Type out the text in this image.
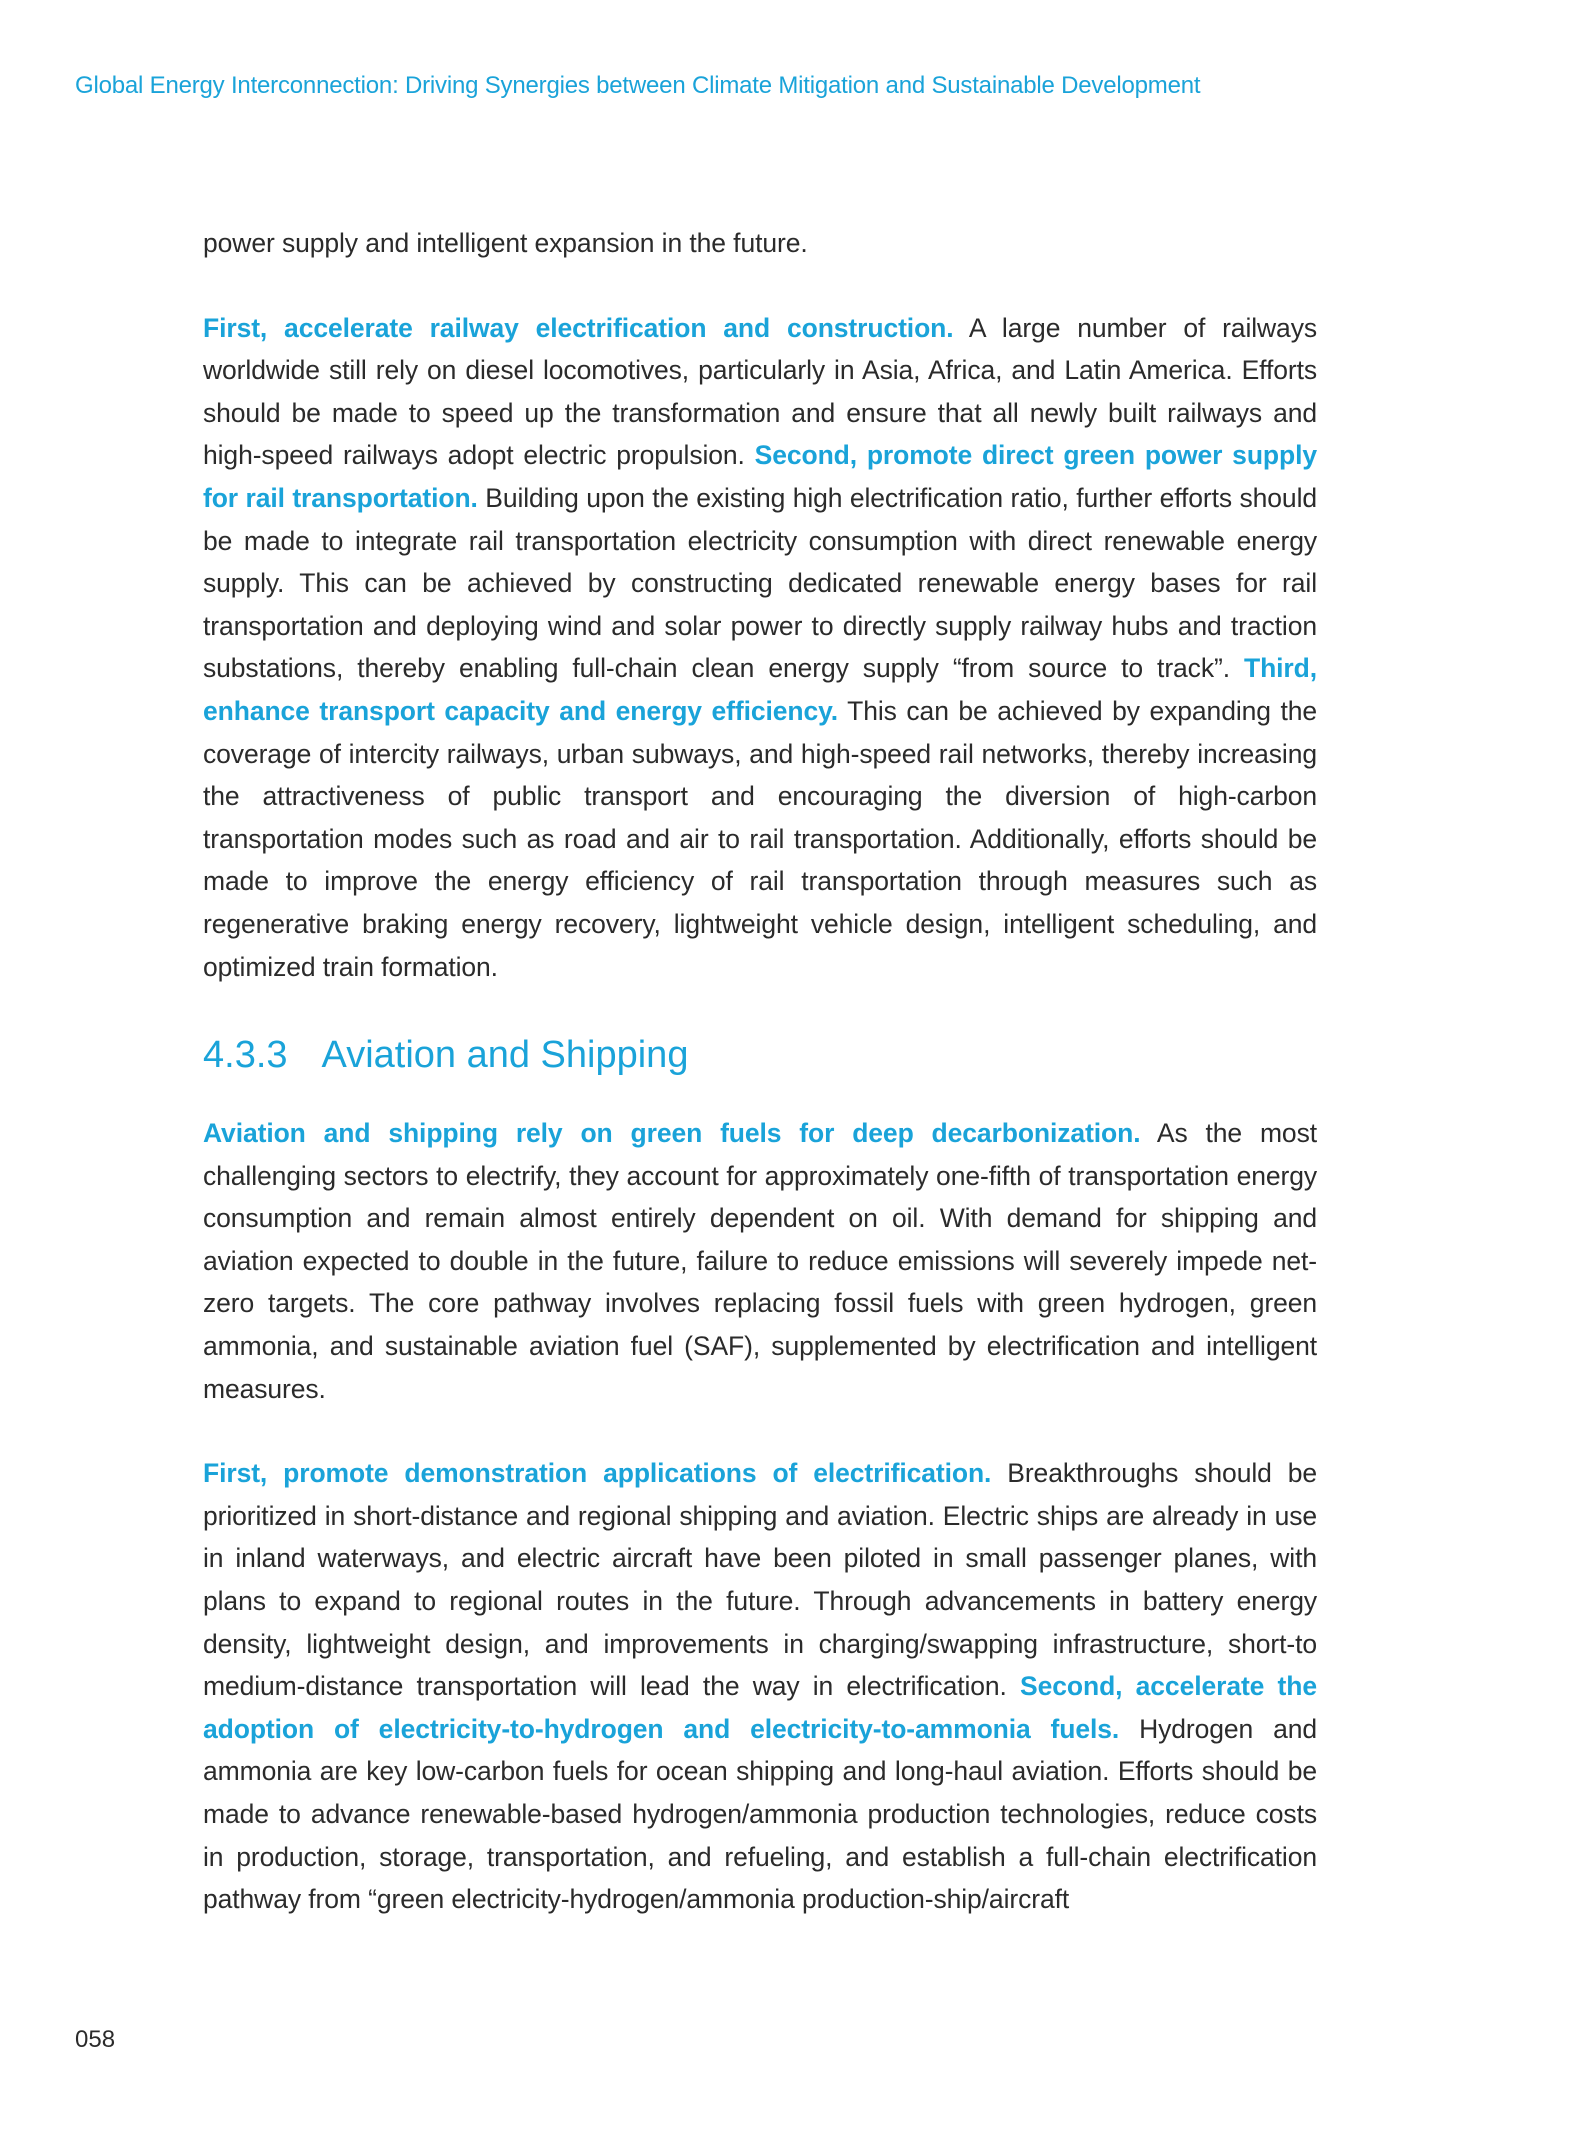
Global Energy Interconnection: Driving Synergies between Climate Mitigation and Sustainable Development

power supply and intelligent expansion in the future.

First, accelerate railway electrification and construction. A large number of railways worldwide still rely on diesel locomotives, particularly in Asia, Africa, and Latin America. Efforts should be made to speed up the transformation and ensure that all newly built railways and high-speed railways adopt electric propulsion. Second, promote direct green power supply for rail transportation. Building upon the existing high electrification ratio, further efforts should be made to integrate rail transportation electricity consumption with direct renewable energy supply. This can be achieved by constructing dedicated renewable energy bases for rail transportation and deploying wind and solar power to directly supply railway hubs and traction substations, thereby enabling full-chain clean energy supply “from source to track”. Third, enhance transport capacity and energy efficiency. This can be achieved by expanding the coverage of intercity railways, urban subways, and high-speed rail networks, thereby increasing the attractiveness of public transport and encouraging the diversion of high-carbon transportation modes such as road and air to rail transportation. Additionally, efforts should be made to improve the energy efficiency of rail transportation through measures such as regenerative braking energy recovery, lightweight vehicle design, intelligent scheduling, and optimized train formation.

4.3.3 Aviation and Shipping

Aviation and shipping rely on green fuels for deep decarbonization. As the most challenging sectors to electrify, they account for approximately one-fifth of transportation energy consumption and remain almost entirely dependent on oil. With demand for shipping and aviation expected to double in the future, failure to reduce emissions will severely impede net-zero targets. The core pathway involves replacing fossil fuels with green hydrogen, green ammonia, and sustainable aviation fuel (SAF), supplemented by electrification and intelligent measures.

First, promote demonstration applications of electrification. Breakthroughs should be prioritized in short-distance and regional shipping and aviation. Electric ships are already in use in inland waterways, and electric aircraft have been piloted in small passenger planes, with plans to expand to regional routes in the future. Through advancements in battery energy density, lightweight design, and improvements in charging/swapping infrastructure, short-to medium-distance transportation will lead the way in electrification. Second, accelerate the adoption of electricity-to-hydrogen and electricity-to-ammonia fuels. Hydrogen and ammonia are key low-carbon fuels for ocean shipping and long-haul aviation. Efforts should be made to advance renewable-based hydrogen/ammonia production technologies, reduce costs in production, storage, transportation, and refueling, and establish a full-chain electrification pathway from “green electricity-hydrogen/ammonia production-ship/aircraft

058
